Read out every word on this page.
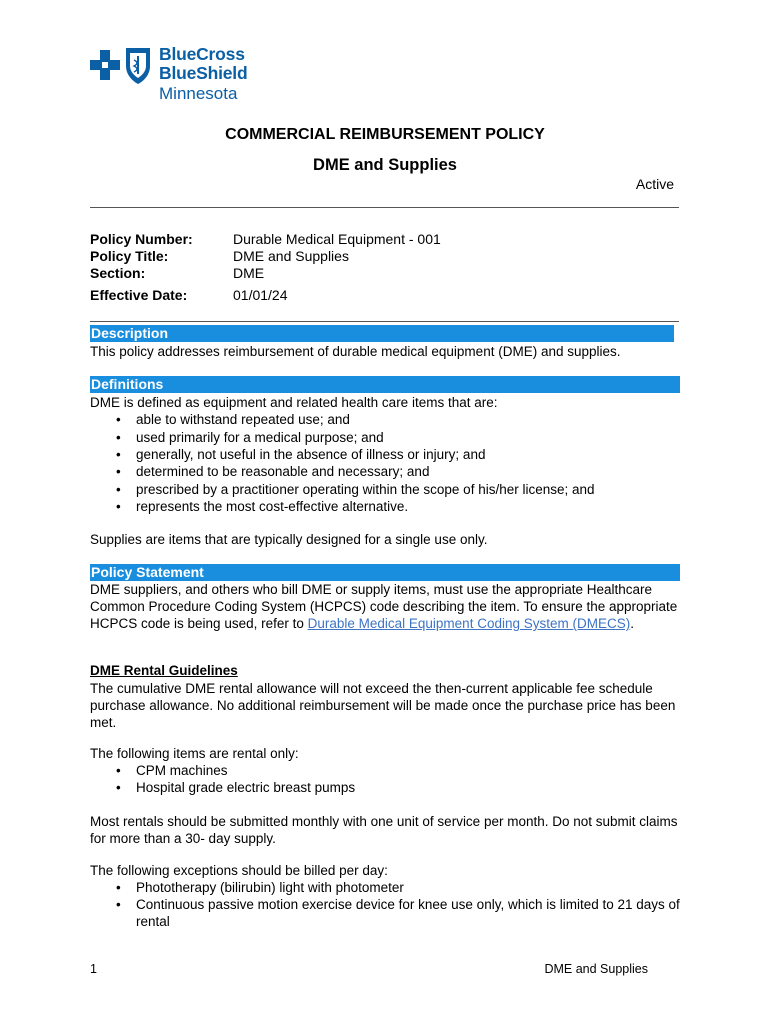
BlueCross
BlueShield
Minnesota
COMMERCIAL REIMBURSEMENT POLICY
DME and Supplies
Active
Policy Number:	Durable Medical Equipment - 001
Policy Title:	DME and Supplies
Section:	DME
Effective Date:	01/01/24
Description
This policy addresses reimbursement of durable medical equipment (DME) and supplies.
Definitions
DME is defined as equipment and related health care items that are:
•	able to withstand repeated use; and
•	used primarily for a medical purpose; and
•	generally, not useful in the absence of illness or injury; and
•	determined to be reasonable and necessary; and
•	prescribed by a practitioner operating within the scope of his/her license; and
•	represents the most cost-effective alternative.
Supplies are items that are typically designed for a single use only.
Policy Statement
DME suppliers, and others who bill DME or supply items, must use the appropriate Healthcare Common Procedure Coding System (HCPCS) code describing the item. To ensure the appropriate HCPCS code is being used, refer to Durable Medical Equipment Coding System (DMECS).
DME Rental Guidelines
The cumulative DME rental allowance will not exceed the then-current applicable fee schedule purchase allowance. No additional reimbursement will be made once the purchase price has been met.
The following items are rental only:
•	CPM machines
•	Hospital grade electric breast pumps
Most rentals should be submitted monthly with one unit of service per month. Do not submit claims for more than a 30- day supply.
The following exceptions should be billed per day:
•	Phototherapy (bilirubin) light with photometer
•	Continuous passive motion exercise device for knee use only, which is limited to 21 days of rental
1	DME and Supplies
